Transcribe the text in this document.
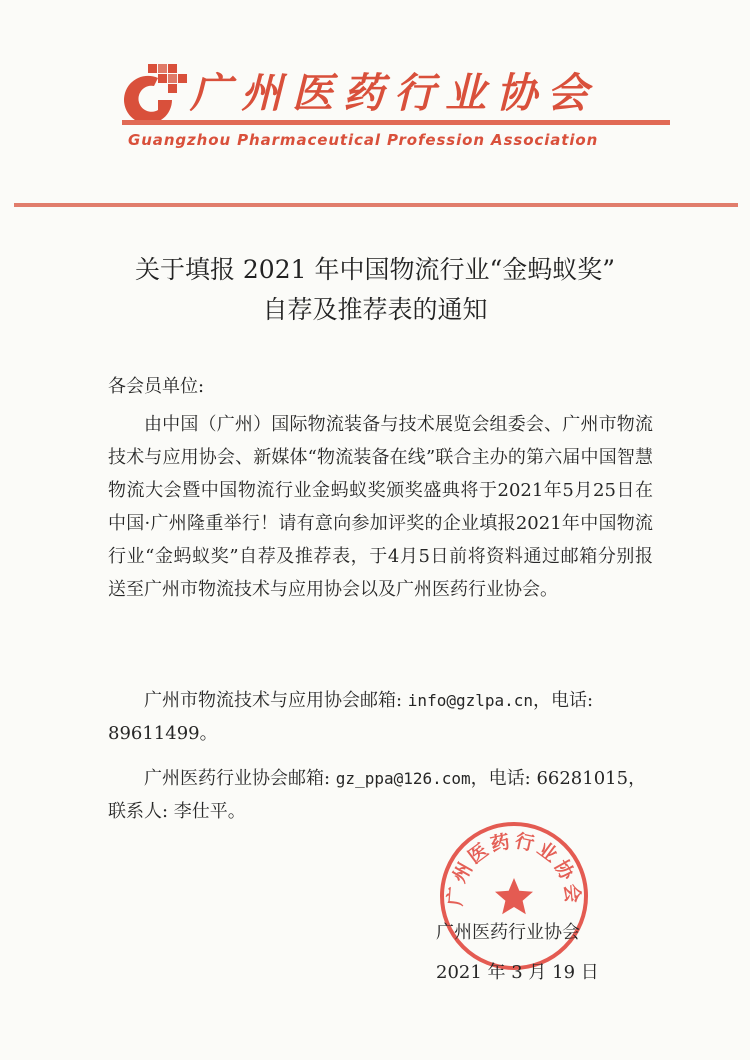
广州医药行业协会
Guangzhou Pharmaceutical Profession Association
关于填报 2021 年中国物流行业“金蚂蚁奖”
自荐及推荐表的通知
各会员单位:
由中国（广州）国际物流装备与技术展览会组委会、广州市物流技术与应用协会、新媒体“物流装备在线”联合主办的第六届中国智慧物流大会暨中国物流行业金蚂蚁奖颁奖盛典将于2021年5月25日在中国·广州隆重举行！请有意向参加评奖的企业填报2021年中国物流行业“金蚂蚁奖”自荐及推荐表，于4月5日前将资料通过邮箱分别报送至广州市物流技术与应用协会以及广州医药行业协会。
广州市物流技术与应用协会邮箱: info@gzlpa.cn，电话: 89611499。
广州医药行业协会邮箱: gz_ppa@126.com，电话: 66281015，联系人: 李仕平。
广州医药行业协会
广州医药行业协会
2021 年 3 月 19 日
